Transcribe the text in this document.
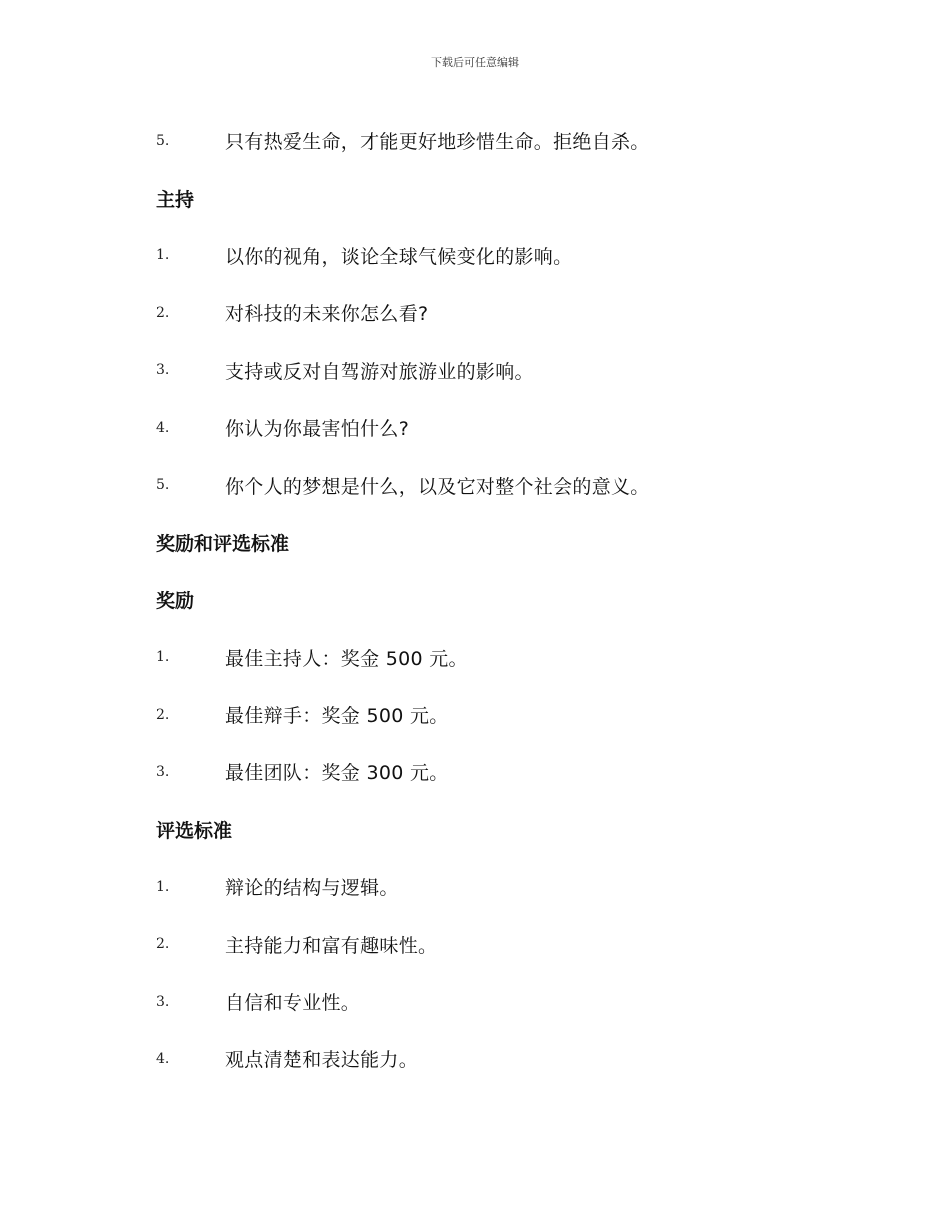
下载后可任意编辑
5.	只有热爱生命，才能更好地珍惜生命。拒绝自杀。
主持
1.	以你的视角，谈论全球气候变化的影响。
2.	对科技的未来你怎么看?
3.	支持或反对自驾游对旅游业的影响。
4.	你认为你最害怕什么?
5.	你个人的梦想是什么，以及它对整个社会的意义。
奖励和评选标准
奖励
1.	最佳主持人：奖金 500 元。
2.	最佳辩手：奖金 500 元。
3.	最佳团队：奖金 300 元。
评选标准
1.	辩论的结构与逻辑。
2.	主持能力和富有趣味性。
3.	自信和专业性。
4.	观点清楚和表达能力。
